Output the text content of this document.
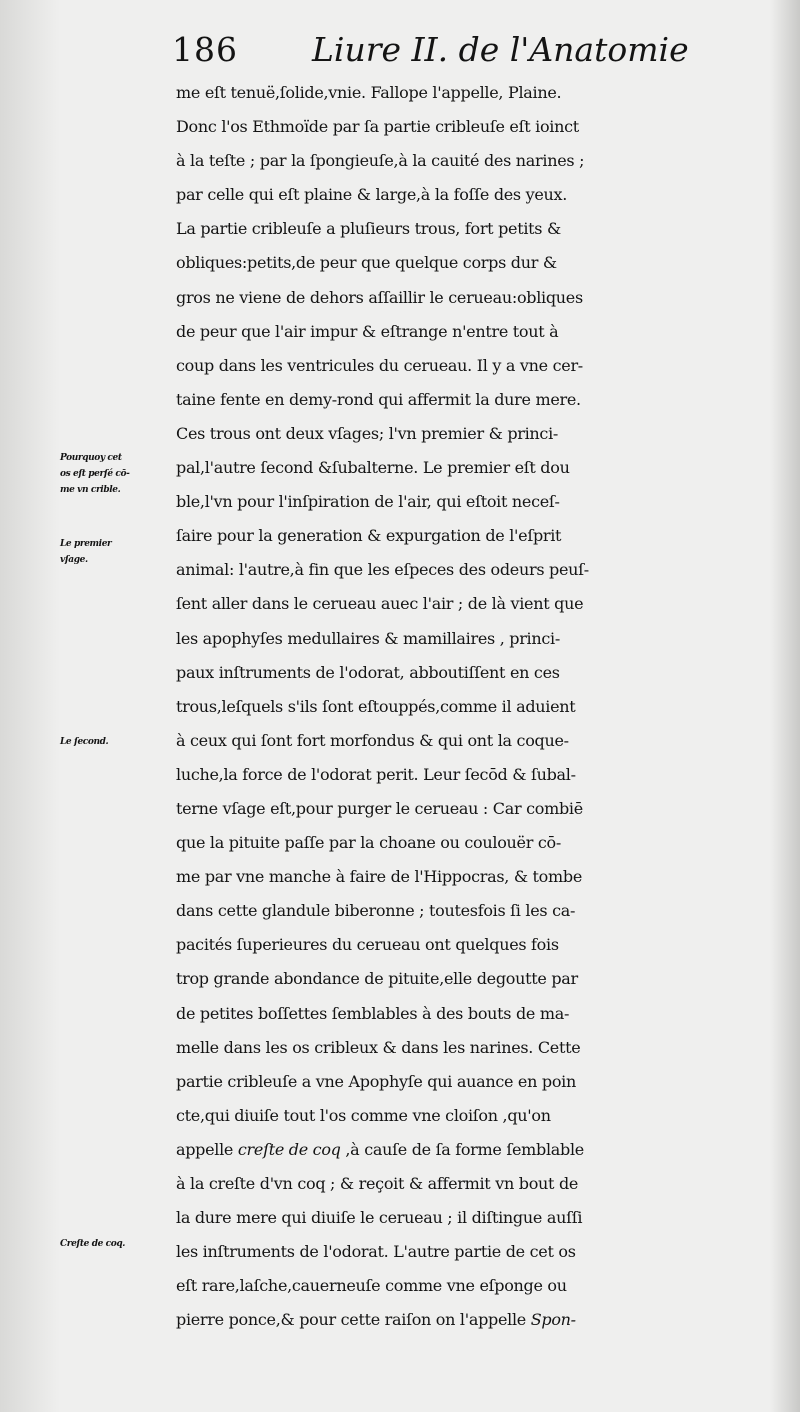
186 Liure II. de l'Anatomie
me eſt tenuë,ſolide,vnie. Fallope l'appelle, Plaine.
Donc l'os Ethmoïde par ſa partie cribleuſe eſt ioinct
à la teſte ; par la ſpongieuſe,à la cauité des narines ;
par celle qui eſt plaine & large,à la foſſe des yeux.
La partie cribleuſe a pluſieurs trous, fort petits &
obliques:petits,de peur que quelque corps dur &
gros ne viene de dehors aſſaillir le cerueau:obliques
de peur que l'air impur & eſtrange n'entre tout à
coup dans les ventricules du cerueau. Il y a vne cer-
taine fente en demy-rond qui affermit la dure mere.
Ces trous ont deux vſages; l'vn premier & princi-
pal,l'autre ſecond &ſubalterne. Le premier eſt dou
ble,l'vn pour l'inſpiration de l'air, qui eſtoit neceſ-
ſaire pour la generation & expurgation de l'eſprit
animal: l'autre,à fin que les eſpeces des odeurs peuſ-
ſent aller dans le cerueau auec l'air ; de là vient que
les apophyſes medullaires & mamillaires , princi-
paux inſtruments de l'odorat, abboutiſſent en ces
trous,leſquels s'ils ſont eſtouppés,comme il aduient
à ceux qui ſont fort morfondus & qui ont la coque-
luche,la force de l'odorat perit. Leur ſecōd & ſubal-
terne vſage eſt,pour purger le cerueau : Car combiē
que la pituite paſſe par la choane ou coulouër cō-
me par vne manche à faire de l'Hippocras, & tombe
dans cette glandule biberonne ; toutesfois ſi les ca-
pacités ſuperieures du cerueau ont quelques fois
trop grande abondance de pituite,elle degoutte par
de petites boſſettes ſemblables à des bouts de ma-
melle dans les os cribleux & dans les narines. Cette
partie cribleuſe a vne Apophyſe qui auance en poin
cte,qui diuiſe tout l'os comme vne cloiſon ,qu'on
appelle creſte de coq ,à cauſe de ſa forme ſemblable
à la creſte d'vn coq ; & reçoit & affermit vn bout de
la dure mere qui diuiſe le cerueau ; il diſtingue auſſi
les inſtruments de l'odorat. L'autre partie de cet os
eſt rare,laſche,cauerneuſe comme vne eſponge ou
pierre ponce,& pour cette raiſon on l'appelle Spon-
Pourquoy cet
os eſt perſé cō-
me vn crible.
Le premier
vſage.
Le ſecond.
Creſte de coq.
